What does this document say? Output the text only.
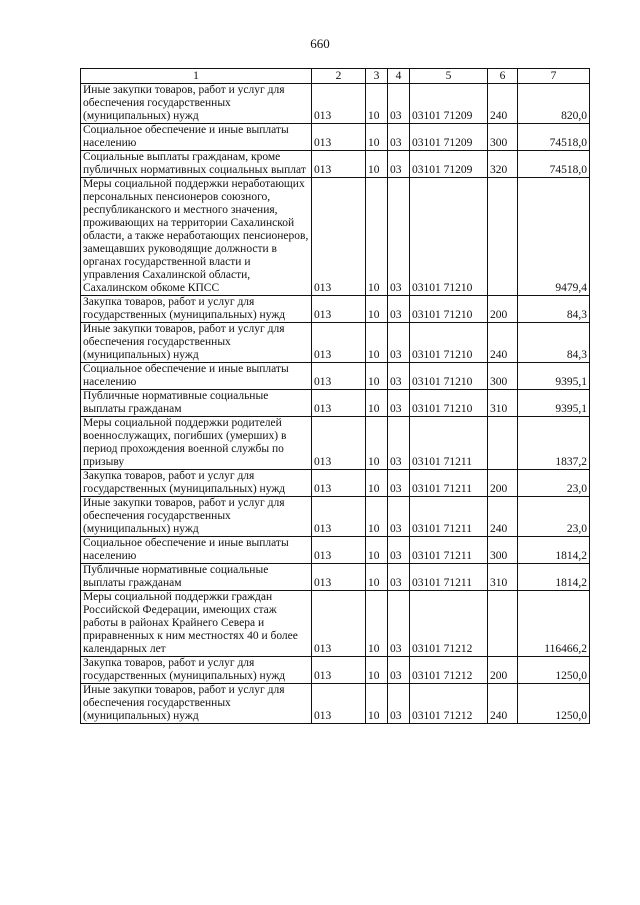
660
1	2	3	4	5	6	7
Иные закупки товаров, работ и услуг для обеспечения государственных (муниципальных) нужд	013	10	03	03101 71209	240	820,0
Социальное обеспечение и иные выплаты населению	013	10	03	03101 71209	300	74518,0
Социальные выплаты гражданам, кроме публичных нормативных социальных выплат	013	10	03	03101 71209	320	74518,0
Меры социальной поддержки неработающих персональных пенсионеров союзного, республиканского и местного значения, проживающих на территории Сахалинской области, а также неработающих пенсионеров, замещавших руководящие должности в органах государственной власти и управления Сахалинской области, Сахалинском обкоме КПСС	013	10	03	03101 71210		9479,4
Закупка товаров, работ и услуг для государственных (муниципальных) нужд	013	10	03	03101 71210	200	84,3
Иные закупки товаров, работ и услуг для обеспечения государственных (муниципальных) нужд	013	10	03	03101 71210	240	84,3
Социальное обеспечение и иные выплаты населению	013	10	03	03101 71210	300	9395,1
Публичные нормативные социальные выплаты гражданам	013	10	03	03101 71210	310	9395,1
Меры социальной поддержки родителей военнослужащих, погибших (умерших) в период прохождения военной службы по призыву	013	10	03	03101 71211		1837,2
Закупка товаров, работ и услуг для государственных (муниципальных) нужд	013	10	03	03101 71211	200	23,0
Иные закупки товаров, работ и услуг для обеспечения государственных (муниципальных) нужд	013	10	03	03101 71211	240	23,0
Социальное обеспечение и иные выплаты населению	013	10	03	03101 71211	300	1814,2
Публичные нормативные социальные выплаты гражданам	013	10	03	03101 71211	310	1814,2
Меры социальной поддержки граждан Российской Федерации, имеющих стаж работы в районах Крайнего Севера и приравненных к ним местностях 40 и более календарных лет	013	10	03	03101 71212		116466,2
Закупка товаров, работ и услуг для государственных (муниципальных) нужд	013	10	03	03101 71212	200	1250,0
Иные закупки товаров, работ и услуг для обеспечения государственных (муниципальных) нужд	013	10	03	03101 71212	240	1250,0
